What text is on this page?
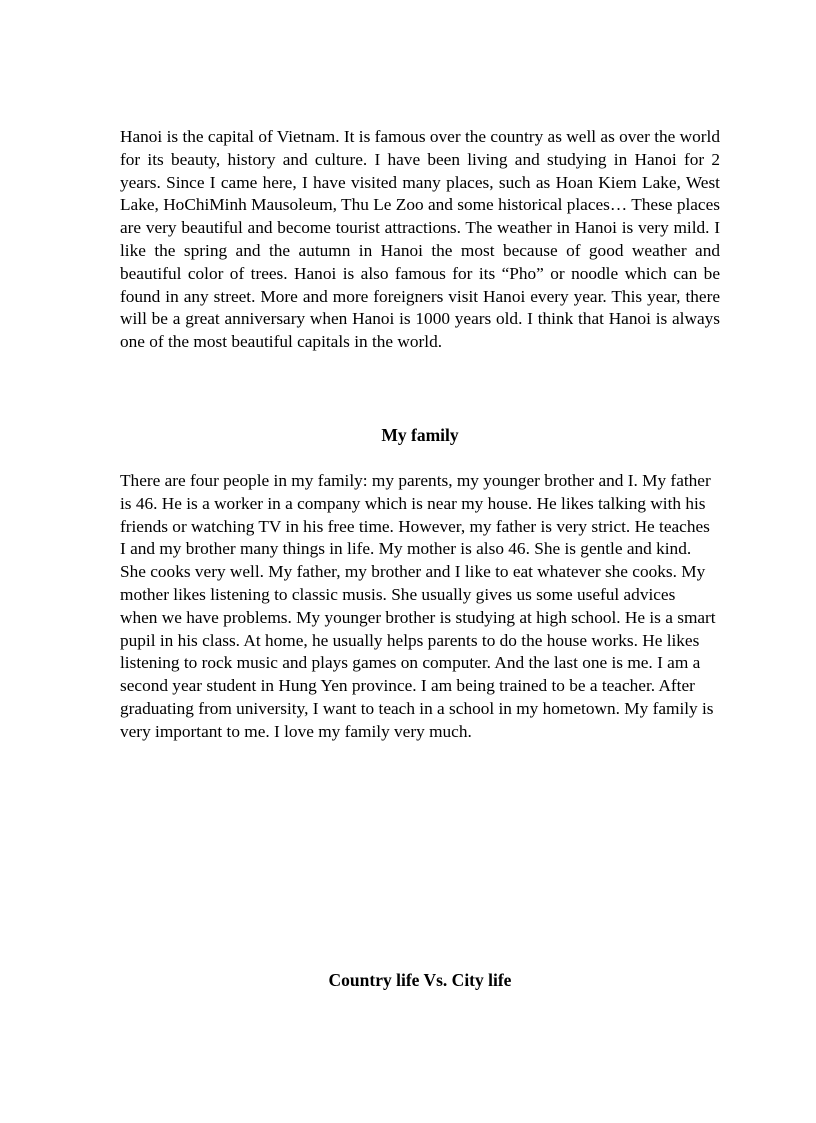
Hanoi is the capital of Vietnam. It is famous over the country as well as over the world for its beauty, history and culture. I have been living and studying in Hanoi for 2 years. Since I came here, I have visited many places, such as Hoan Kiem Lake, West Lake, HoChiMinh Mausoleum, Thu Le Zoo and some historical places… These places are very beautiful and become tourist attractions. The weather in Hanoi is very mild. I like the spring and the autumn in Hanoi the most because of good weather and beautiful color of trees. Hanoi is also famous for its “Pho” or noodle which can be found in any street. More and more foreigners visit Hanoi every year. This year, there will be a great anniversary when Hanoi is 1000 years old. I think that Hanoi is always one of the most beautiful capitals in the world.

My family

There are four people in my family: my parents, my younger brother and I. My father is 46. He is a worker in a company which is near my house. He likes talking with his friends or watching TV in his free time. However, my father is very strict. He teaches I and my brother many things in life. My mother is also 46. She is gentle and kind. She cooks very well. My father, my brother and I like to eat whatever she cooks. My mother likes listening to classic musis. She usually gives us some useful advices when we have problems. My younger brother is studying at high school. He is a smart pupil in his class. At home, he usually helps parents to do the house works. He likes listening to rock music and plays games on computer. And the last one is me. I am a second year student in Hung Yen province. I am being trained to be a teacher. After graduating from university, I want to teach in a school in my hometown. My family is very important to me. I love my family very much.

Country life Vs. City life
